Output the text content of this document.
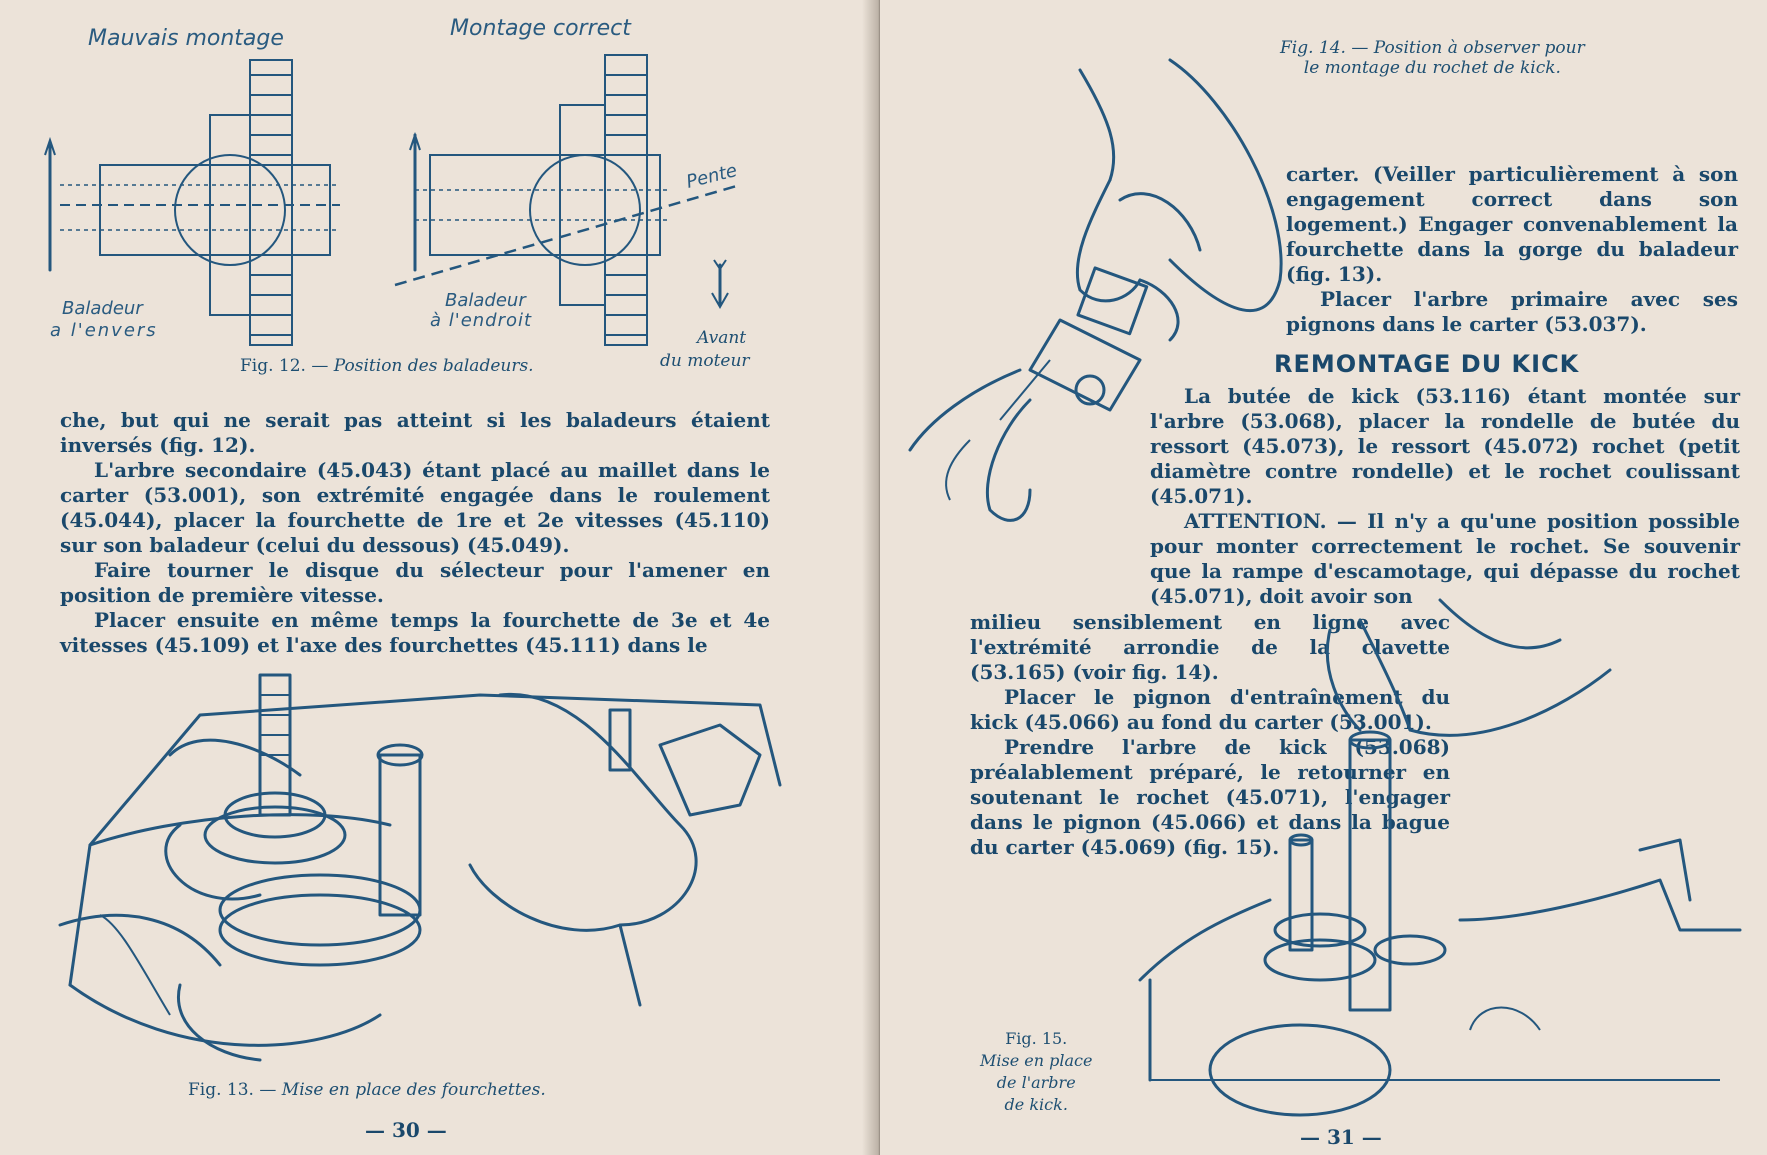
Mauvais montage	Montage correct
Pente
Baladeur
a l'envers
Baladeur
à l'endroit
Avant
du moteur
Fig. 12. — Position des baladeurs.

che, but qui ne serait pas atteint si les baladeurs étaient inversés (fig. 12).

L'arbre secondaire (45.043) étant placé au maillet dans le carter (53.001), son extrémité engagée dans le roulement (45.044), placer la fourchette de 1re et 2e vitesses (45.110) sur son baladeur (celui du dessous) (45.049).

Faire tourner le disque du sélecteur pour l'amener en position de première vitesse.

Placer ensuite en même temps la fourchette de 3e et 4e vitesses (45.109) et l'axe des fourchettes (45.111) dans le

Fig. 13. — Mise en place des fourchettes.
— 30 —
Fig. 14. — Position à observer pour
le montage du rochet de kick.

carter. (Veiller particulièrement à son engagement correct dans son logement.) Engager convenablement la fourchette dans la gorge du baladeur (fig. 13).

Placer l'arbre primaire avec ses pignons dans le carter (53.037).

REMONTAGE DU KICK

La butée de kick (53.116) étant montée sur l'arbre (53.068), placer la rondelle de butée du ressort (45.073), le ressort (45.072) rochet (petit diamètre contre rondelle) et le rochet coulissant (45.071).

ATTENTION. — Il n'y a qu'une position possible pour monter correctement le rochet. Se souvenir que la rampe d'escamotage, qui dépasse du rochet (45.071), doit avoir son

milieu sensiblement en ligne avec l'extrémité arrondie de la clavette (53.165) (voir fig. 14).

Placer le pignon d'entraînement du kick (45.066) au fond du carter (53.001).

Prendre l'arbre de kick (53.068) préalablement préparé, le retourner en soutenant le rochet (45.071), l'engager dans le pignon (45.066) et dans la bague du carter (45.069) (fig. 15).

Fig. 15.
Mise en place
de l'arbre
de kick.
— 31 —
